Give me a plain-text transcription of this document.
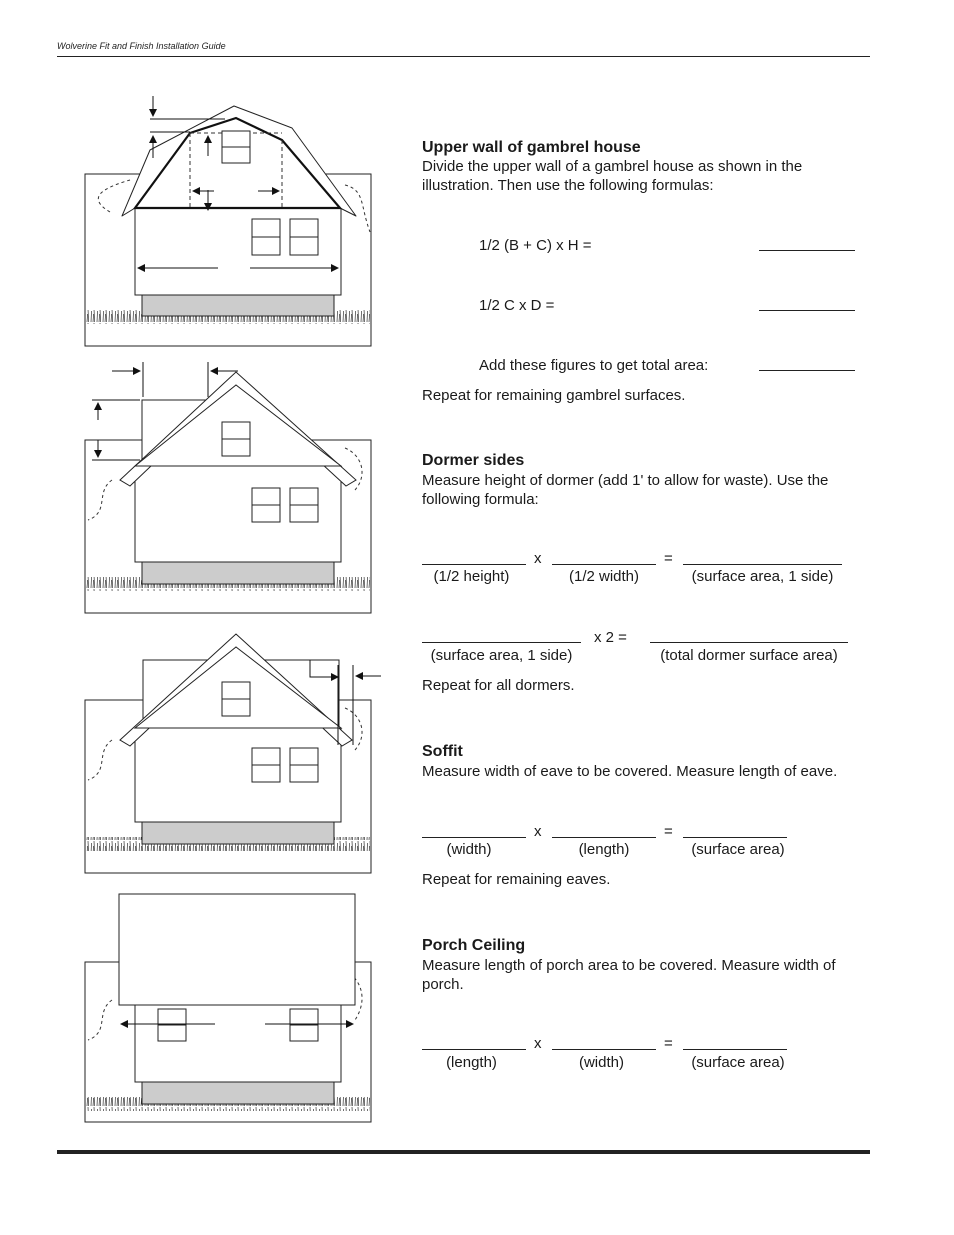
Wolverine Fit and Finish Installation Guide
Upper wall of gambrel house
Divide the upper wall of a gambrel house as shown in the illustration. Then use the following formulas:
1/2 (B + C) x H =
1/2 C x D =
Add these figures to get total area:
Repeat for remaining gambrel surfaces.
Dormer sides
Measure height of dormer (add 1' to allow for waste). Use the following formula:
x	=
(1/2 height)	(1/2 width)	(surface area, 1 side)
x 2 =
(surface area, 1 side)	(total dormer surface area)
Repeat for all dormers.
Soffit
Measure width of eave to be covered. Measure length of eave.
x	=
(width)	(length)	(surface area)
Repeat for remaining eaves.
Porch Ceiling
Measure length of porch area to be covered. Measure width of porch.
x	=
(length)	(width)	(surface area)
